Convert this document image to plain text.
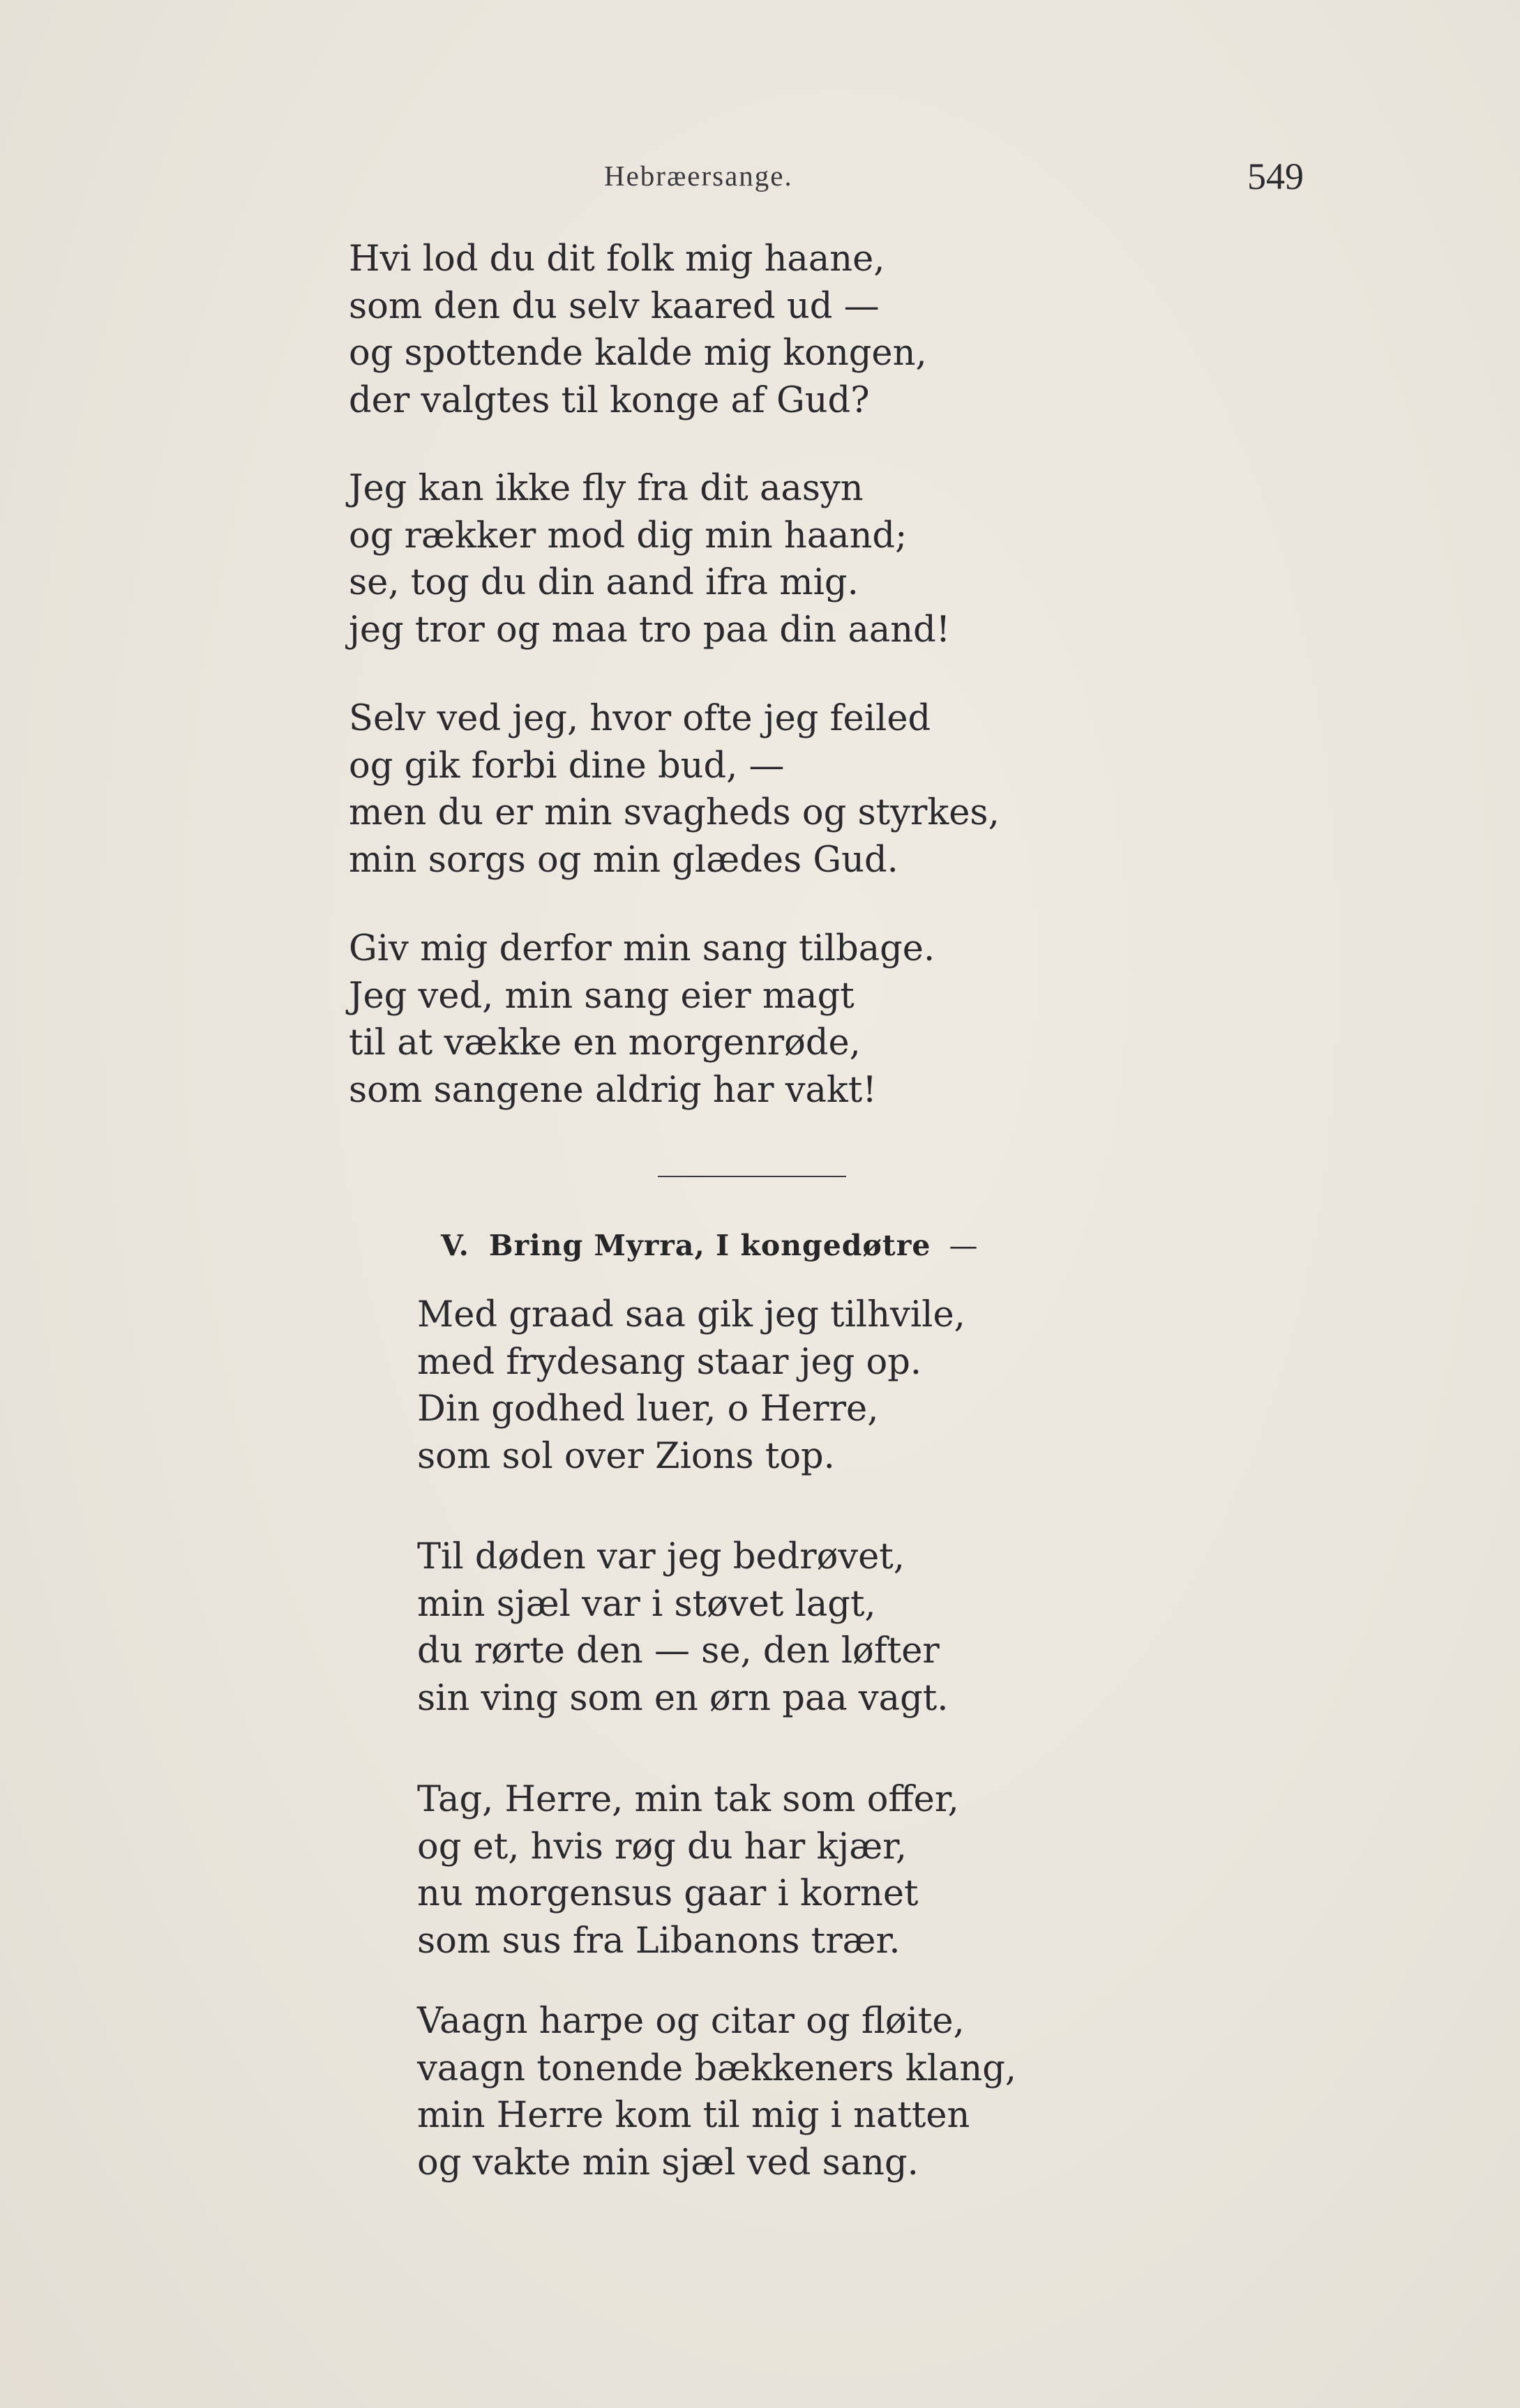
Hebræersange.	549
Hvi lod du dit folk mig haane,
som den du selv kaared ud —
og spottende kalde mig kongen,
der valgtes til konge af Gud?
Jeg kan ikke fly fra dit aasyn
og rækker mod dig min haand;
se, tog du din aand ifra mig.
jeg tror og maa tro paa din aand!
Selv ved jeg, hvor ofte jeg feiled
og gik forbi dine bud, —
men du er min svagheds og styrkes,
min sorgs og min glædes Gud.
Giv mig derfor min sang tilbage.
Jeg ved, min sang eier magt
til at vække en morgenrøde,
som sangene aldrig har vakt!
V. Bring Myrra, I kongedøtre —
Med graad saa gik jeg tilhvile,
med frydesang staar jeg op.
Din godhed luer, o Herre,
som sol over Zions top.
Til døden var jeg bedrøvet,
min sjæl var i støvet lagt,
du rørte den — se, den løfter
sin ving som en ørn paa vagt.
Tag, Herre, min tak som offer,
og et, hvis røg du har kjær,
nu morgensus gaar i kornet
som sus fra Libanons trær.
Vaagn harpe og citar og fløite,
vaagn tonende bækkeners klang,
min Herre kom til mig i natten
og vakte min sjæl ved sang.
